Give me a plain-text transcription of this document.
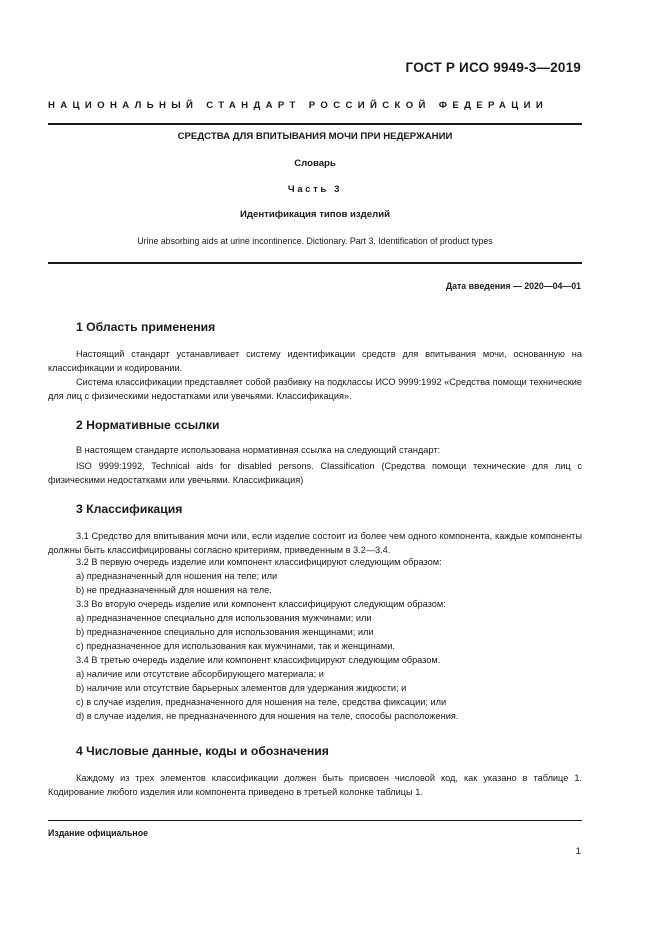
ГОСТ Р ИСО 9949-3—2019
НАЦИОНАЛЬНЫЙ СТАНДАРТ РОССИЙСКОЙ ФЕДЕРАЦИИ
СРЕДСТВА ДЛЯ ВПИТЫВАНИЯ МОЧИ ПРИ НЕДЕРЖАНИИ
Словарь
Часть 3
Идентификация типов изделий
Urine absorbing aids at urine incontinence. Dictionary. Part 3. Identification of product types
Дата введения — 2020—04—01
1 Область применения
Настоящий стандарт устанавливает систему идентификации средств для впитывания мочи, основанную на классификации и кодировании.
Система классификации представляет собой разбивку на подклассы ИСО 9999:1992 «Средства помощи технические для лиц с физическими недостатками или увечьями. Классификация».
2 Нормативные ссылки
В настоящем стандарте использована нормативная ссылка на следующий стандарт:
ISO 9999:1992, Technical aids for disabled persons. Classification (Средства помощи технические для лиц с физическими недостатками или увечьями. Классификация)
3 Классификация
3.1 Средство для впитывания мочи или, если изделие состоит из более чем одного компонента, каждые компоненты должны быть классифицированы согласно критериям, приведенным в 3.2—3.4.
3.2 В первую очередь изделие или компонент классифицируют следующим образом:
а) предназначенный для ношения на теле; или
b) не предназначенный для ношения на теле.
3.3 Во вторую очередь изделие или компонент классифицируют следующим образом:
а) предназначенное специально для использования мужчинами; или
b) предназначенное специально для использования женщинами; или
с) предназначенное для использования как мужчинами, так и женщинами.
3.4 В третью очередь изделие или компонент классифицируют следующим образом.
а) наличие или отсутствие абсорбирующего материала; и
b) наличие или отсутствие барьерных элементов для удержания жидкости; и
с) в случае изделия, предназначенного для ношения на теле, средства фиксации; или
d) в случае изделия, не предназначенного для ношения на теле, способы расположения.
4 Числовые данные, коды и обозначения
Каждому из трех элементов классификации должен быть присвоен числовой код, как указано в таблице 1. Кодирование любого изделия или компонента приведено в третьей колонке таблицы 1.
Издание официальное
1
